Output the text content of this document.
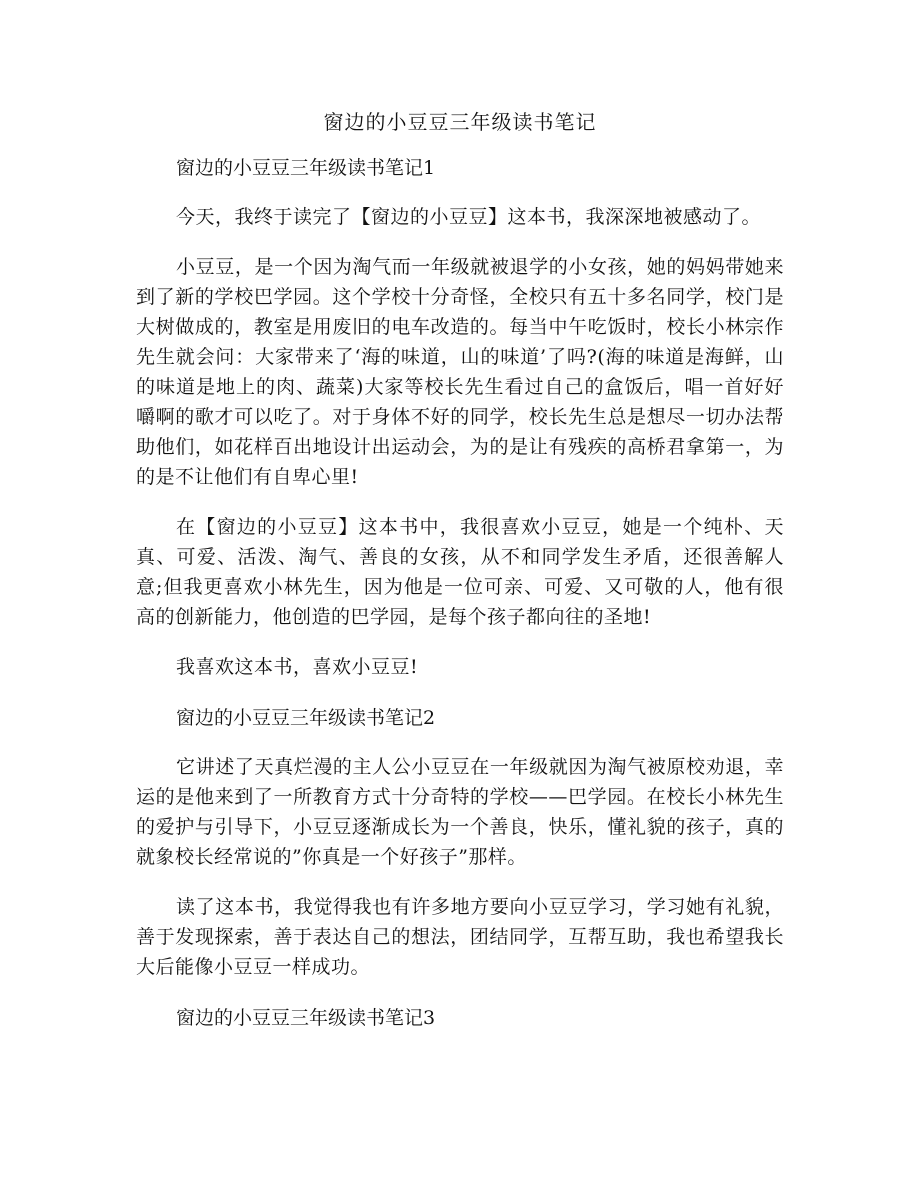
窗边的小豆豆三年级读书笔记
窗边的小豆豆三年级读书笔记1

今天，我终于读完了【窗边的小豆豆】这本书，我深深地被感动了。

小豆豆，是一个因为淘气而一年级就被退学的小女孩，她的妈妈带她来到了新的学校巴学园。这个学校十分奇怪，全校只有五十多名同学，校门是大树做成的，教室是用废旧的电车改造的。每当中午吃饭时，校长小林宗作先生就会问：大家带来了‘海的味道，山的味道’了吗?(海的味道是海鲜，山的味道是地上的肉、蔬菜)大家等校长先生看过自己的盒饭后，唱一首好好嚼啊的歌才可以吃了。对于身体不好的同学，校长先生总是想尽一切办法帮助他们，如花样百出地设计出运动会，为的是让有残疾的高桥君拿第一，为的是不让他们有自卑心里!

在【窗边的小豆豆】这本书中，我很喜欢小豆豆，她是一个纯朴、天真、可爱、活泼、淘气、善良的女孩，从不和同学发生矛盾，还很善解人意;但我更喜欢小林先生，因为他是一位可亲、可爱、又可敬的人，他有很高的创新能力，他创造的巴学园，是每个孩子都向往的圣地!

我喜欢这本书，喜欢小豆豆!

窗边的小豆豆三年级读书笔记2

它讲述了天真烂漫的主人公小豆豆在一年级就因为淘气被原校劝退，幸运的是他来到了一所教育方式十分奇特的学校——巴学园。在校长小林先生的爱护与引导下，小豆豆逐渐成长为一个善良，快乐，懂礼貌的孩子，真的就象校长经常说的”你真是一个好孩子”那样。

读了这本书，我觉得我也有许多地方要向小豆豆学习，学习她有礼貌，善于发现探索，善于表达自己的想法，团结同学，互帮互助，我也希望我长大后能像小豆豆一样成功。

窗边的小豆豆三年级读书笔记3
